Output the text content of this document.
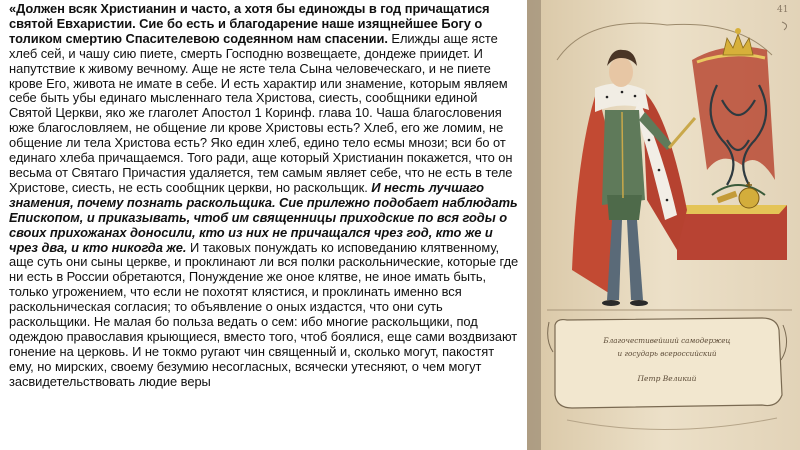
«Должен всяк Христианин и часто, а хотя бы единожды в год причащатися святой Евхаристии. Сие бо есть и благодарение наше изящнейшее Богу о толиком смертию Спасителевою содеянном нам спасении. Елижды аще ясте хлеб сей, и чашу сию пиете, смерть Господню возвещаете, дондеже приидет. И напутствие к живому вечному. Аще не ясте тела Сына человеческаго, и не пиете крове Его, живота не имате в себе. И есть характир или знамение, которым являем себе быть убы единаго мысленнаго тела Христова, сиесть, сообщники единой Святой Церкви, яко же глаголет Апостол 1 Коринф. глава 10. Чаша благословения юже благословляем, не общение ли крове Христовы есть? Хлеб, его же ломим, не общение ли тела Христова есть? Яко един хлеб, едино тело есмы мнози; вси бо от единаго хлеба причащаемся. Того ради, аще который Христианин покажется, что он весьма от Святаго Причастия удаляется, тем самым являет себе, что не есть в теле Христове, сиесть, не есть сообщник церкви, но раскольщик. И несть лучшаго знамения, почему познать раскольщика. Сие прилежно подобает наблюдать Епископом, и приказывать, чтоб им священницы приходские по вся годы о своих прихожанах доносили, кто из них не причащался чрез год, кто же и чрез два, и кто никогда же. И таковых понуждать ко исповеданию клятвенному, аще суть они сыны церкве, и проклинают ли вся полки раскольнические, которые где ни есть в России обретаются, Понуждение же оное клятве, не иное имать быть, только угрожением, что если не похотят клястися, и проклинать именно вся раскольническая согласия; то объявление о оных издастся, что они суть раскольщики. Не малая бо польза ведать о сем: ибо многие раскольщики, под одеждою православия крыющиеся, вместо того, чтоб боялися, еще сами воздвизают гонение на церковь. И не токмо ругают чин священный и, сколько могут, пакостят ему, но мирских, своему безумию несогласных, всячески утесняют, о чем могут засвидетельствовать людие веры

41
Благочестивейший самодержец
и государь всероссийский
Петр Великий
